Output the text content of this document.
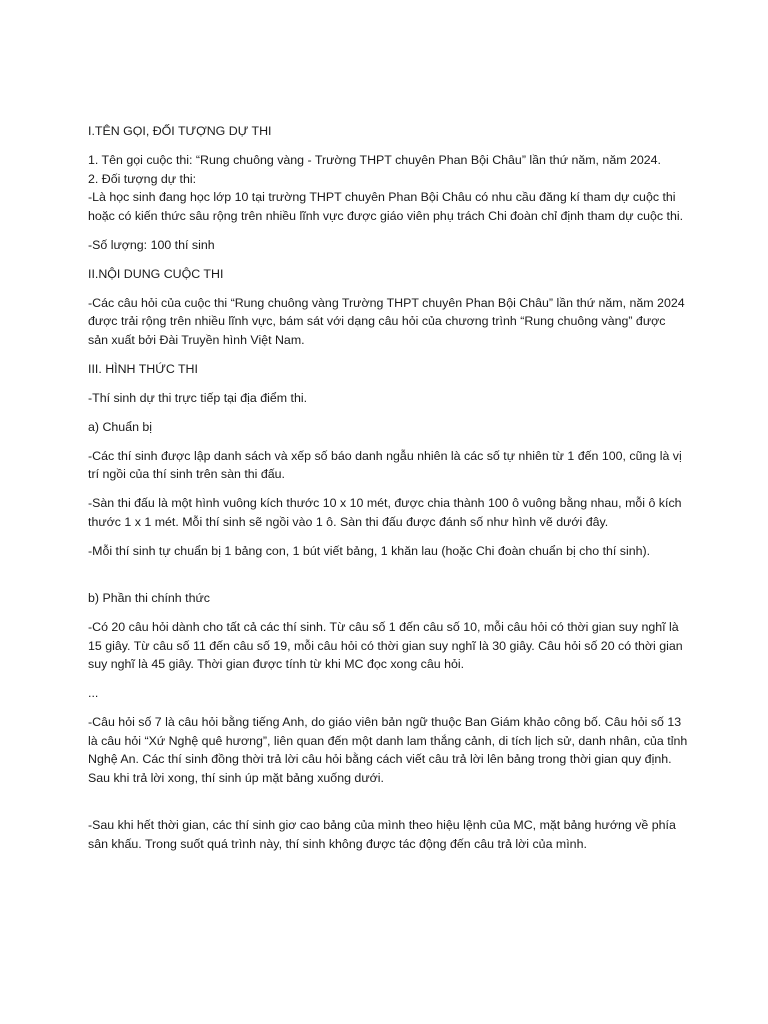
I.TÊN GỌI, ĐỐI TƯỢNG DỰ THI

1. Tên gọi cuộc thi: “Rung chuông vàng - Trường THPT chuyên Phan Bội Châu” lần thứ năm, năm 2024.

2. Đối tượng dự thi:

-Là học sinh đang học lớp 10 tại trường THPT chuyên Phan Bội Châu có nhu cầu đăng kí tham dự cuộc thi hoặc có kiến thức sâu rộng trên nhiều lĩnh vực được giáo viên phụ trách Chi đoàn chỉ định tham dự cuộc thi.

-Số lượng: 100 thí sinh

II.NỘI DUNG CUỘC THI

-Các câu hỏi của cuộc thi “Rung chuông vàng Trường THPT chuyên Phan Bội Châu” lần thứ năm, năm 2024 được trải rộng trên nhiều lĩnh vực, bám sát với dạng câu hỏi của chương trình “Rung chuông vàng” được sản xuất bởi Đài Truyền hình Việt Nam.

III. HÌNH THỨC THI

-Thí sinh dự thi trực tiếp tại địa điểm thi.

a) Chuẩn bị

-Các thí sinh được lập danh sách và xếp số báo danh ngẫu nhiên là các số tự nhiên từ 1 đến 100, cũng là vị trí ngồi của thí sinh trên sàn thi đấu.

-Sàn thi đấu là một hình vuông kích thước 10 x 10 mét, được chia thành 100 ô vuông bằng nhau, mỗi ô kích thước 1 x 1 mét. Mỗi thí sinh sẽ ngồi vào 1 ô. Sàn thi đấu được đánh số như hình vẽ dưới đây.

-Mỗi thí sinh tự chuẩn bị 1 bảng con, 1 bút viết bảng, 1 khăn lau (hoặc Chi đoàn chuẩn bị cho thí sinh).

b) Phần thi chính thức

-Có 20 câu hỏi dành cho tất cả các thí sinh. Từ câu số 1 đến câu số 10, mỗi câu hỏi có thời gian suy nghĩ là 15 giây. Từ câu số 11 đến câu số 19, mỗi câu hỏi có thời gian suy nghĩ là 30 giây. Câu hỏi số 20 có thời gian suy nghĩ là 45 giây. Thời gian được tính từ khi MC đọc xong câu hỏi.

...

-Câu hỏi số 7 là câu hỏi bằng tiếng Anh, do giáo viên bản ngữ thuộc Ban Giám khảo công bố. Câu hỏi số 13 là câu hỏi “Xứ Nghệ quê hương”, liên quan đến một danh lam thắng cảnh, di tích lịch sử, danh nhân, của tỉnh Nghệ An. Các thí sinh đồng thời trả lời câu hỏi bằng cách viết câu trả lời lên bảng trong thời gian quy định. Sau khi trả lời xong, thí sinh úp mặt bảng xuống dưới.

-Sau khi hết thời gian, các thí sinh giơ cao bảng của mình theo hiệu lệnh của MC, mặt bảng hướng về phía sân khấu. Trong suốt quá trình này, thí sinh không được tác động đến câu trả lời của mình.
